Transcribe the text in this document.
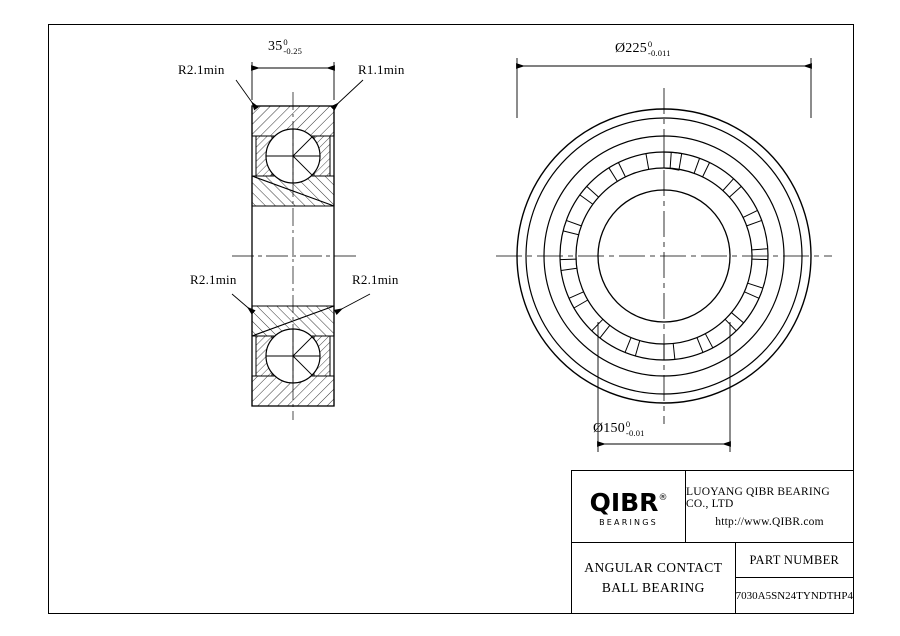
R2.1min	R1.1min
R2.1min	R2.1min
35 0
-0.25	Ø225 0
-0.011
Ø150 0
-0.01
QIBR®
BEARINGS
LUOYANG QIBR BEARING CO., LTD
http://www.QIBR.com
ANGULAR CONTACT
BALL BEARING
PART NUMBER
7030A5SN24TYNDTHP4
